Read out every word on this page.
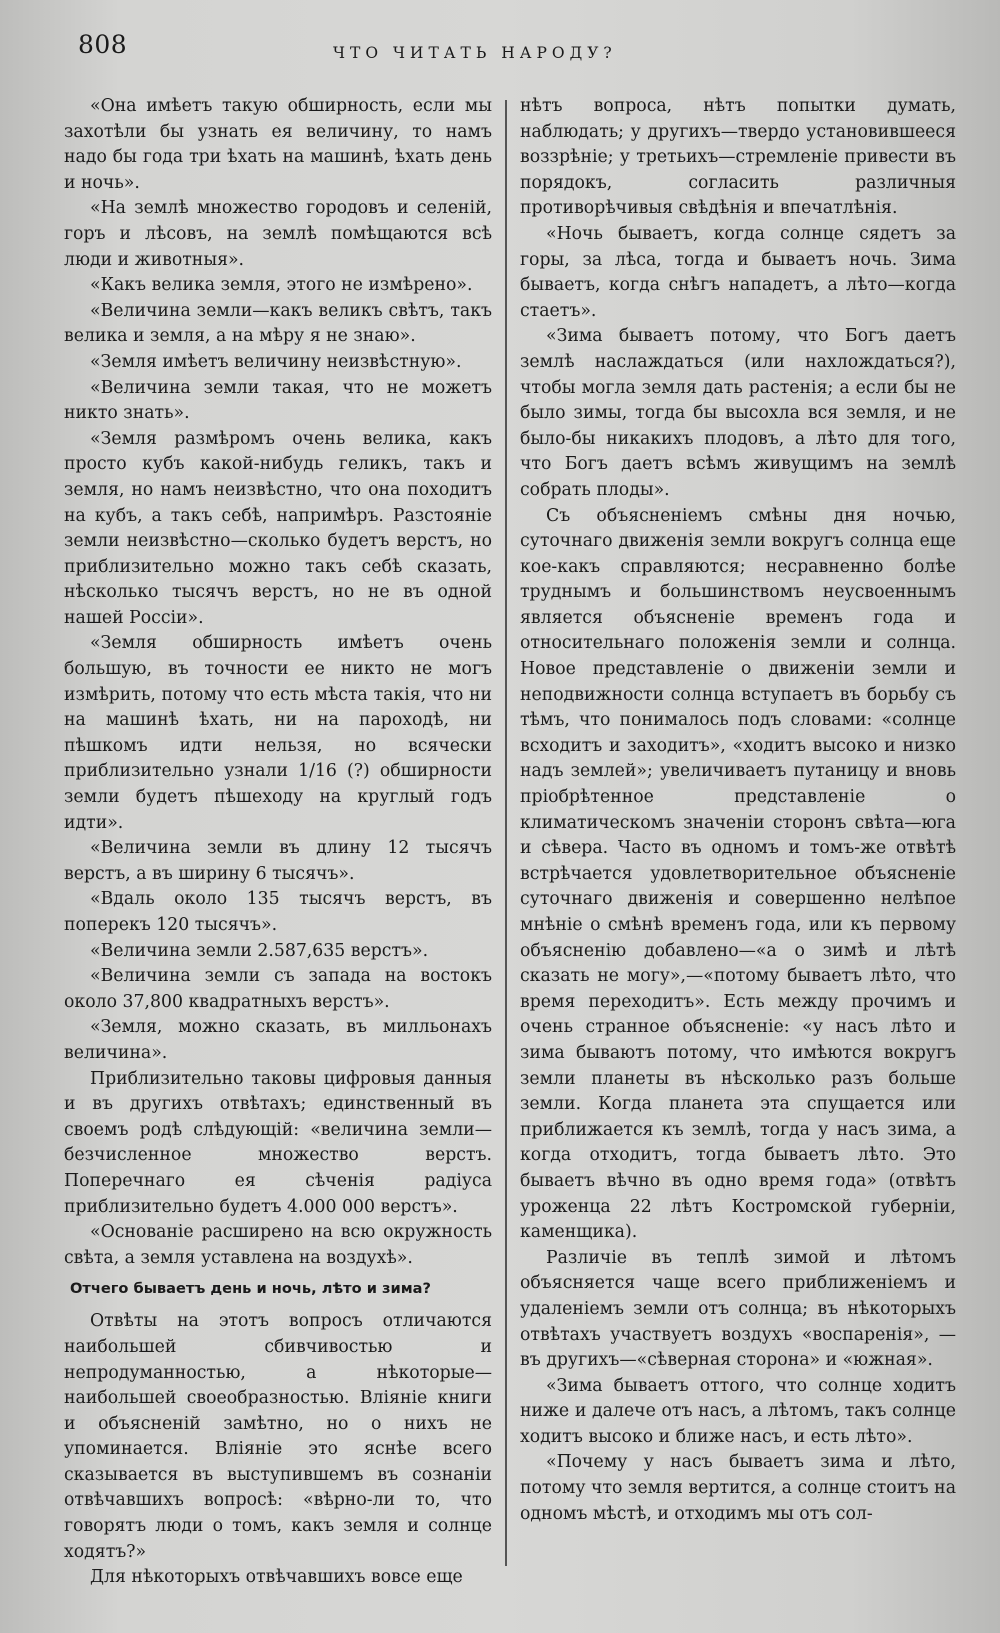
808	ЧТО ЧИТАТЬ НАРОДУ?

«Она имѣетъ такую обширность, если мы захотѣли бы узнать ея величину, то намъ надо бы года три ѣхать на машинѣ, ѣхать день и ночь».

«На землѣ множество городовъ и селеній, горъ и лѣсовъ, на землѣ помѣщаются всѣ люди и животныя».

«Какъ велика земля, этого не измѣрено».

«Величина земли—какъ великъ свѣтъ, такъ велика и земля, а на мѣру я не знаю».

«Земля имѣетъ величину неизвѣстную».

«Величина земли такая, что не можетъ никто знать».

«Земля размѣромъ очень велика, какъ просто кубъ какой-нибудь геликъ, такъ и земля, но намъ неизвѣстно, что она походитъ на кубъ, а такъ себѣ, напримѣръ. Разстояніе земли неизвѣстно—сколько будетъ верстъ, но приблизительно можно такъ себѣ сказать, нѣсколько тысячъ верстъ, но не въ одной нашей Россіи».

«Земля обширность имѣетъ очень большую, въ точности ее никто не могъ измѣрить, потому что есть мѣста такія, что ни на машинѣ ѣхать, ни на пароходѣ, ни пѣшкомъ идти нельзя, но всячески приблизительно узнали 1/16 (?) обширности земли будетъ пѣшеходу на круглый годъ идти».

«Величина земли въ длину 12 тысячъ верстъ, а въ ширину 6 тысячъ».

«Вдаль около 135 тысячъ верстъ, въ поперекъ 120 тысячъ».

«Величина земли 2.587,635 верстъ».

«Величина земли съ запада на востокъ около 37,800 квадратныхъ верстъ».

«Земля, можно сказать, въ милльонахъ величина».

Приблизительно таковы цифровыя данныя и въ другихъ отвѣтахъ; единственный въ своемъ родѣ слѣдующій: «величина земли—безчисленное множество верстъ. Поперечнаго ея сѣченія радіуса приблизительно будетъ 4.000 000 верстъ».

«Основаніе расширено на всю окружность свѣта, а земля уставлена на воздухѣ».

Отчего бываетъ день и ночь, лѣто и зима?

Отвѣты на этотъ вопросъ отличаются наибольшей сбивчивостью и непродуманностью, а нѣкоторые—наибольшей своеобразностью. Вліяніе книги и объясненій замѣтно, но о нихъ не упоминается. Вліяніе это яснѣе всего сказывается въ выступившемъ въ сознаніи отвѣчавшихъ вопросѣ: «вѣрно-ли то, что говорятъ люди о томъ, какъ земля и солнце ходятъ?»

Для нѣкоторыхъ отвѣчавшихъ вовсе еще

нѣтъ вопроса, нѣтъ попытки думать, наблюдать; у другихъ—твердо установившееся воззрѣніе; у третьихъ—стремленіе привести въ порядокъ, согласить различныя противорѣчивыя свѣдѣнія и впечатлѣнія.

«Ночь бываетъ, когда солнце сядетъ за горы, за лѣса, тогда и бываетъ ночь. Зима бываетъ, когда снѣгъ нападетъ, а лѣто—когда стаетъ».

«Зима бываетъ потому, что Богъ даетъ землѣ наслаждаться (или нахлождаться?), чтобы могла земля дать растенія; а если бы не было зимы, тогда бы высохла вся земля, и не было-бы никакихъ плодовъ, а лѣто для того, что Богъ даетъ всѣмъ живущимъ на землѣ собрать плоды».

Съ объясненіемъ смѣны дня ночью, суточнаго движенія земли вокругъ солнца еще кое-какъ справляются; несравненно болѣе труднымъ и большинствомъ неусвоеннымъ является объясненіе временъ года и относительнаго положенія земли и солнца. Новое представленіе о движеніи земли и неподвижности солнца вступаетъ въ борьбу съ тѣмъ, что понималось подъ словами: «солнце всходитъ и заходитъ», «ходитъ высоко и низко надъ землей»; увеличиваетъ путаницу и вновь пріобрѣтенное представленіе о климатическомъ значеніи сторонъ свѣта—юга и сѣвера. Часто въ одномъ и томъ-же отвѣтѣ встрѣчается удовлетворительное объясненіе суточнаго движенія и совершенно нелѣпое мнѣніе о смѣнѣ временъ года, или къ первому объясненію добавлено—«а о зимѣ и лѣтѣ сказать не могу»,—«потому бываетъ лѣто, что время переходитъ». Есть между прочимъ и очень странное объясненіе: «у насъ лѣто и зима бываютъ потому, что имѣются вокругъ земли планеты въ нѣсколько разъ больше земли. Когда планета эта спущается или приближается къ землѣ, тогда у насъ зима, а когда отходитъ, тогда бываетъ лѣто. Это бываетъ вѣчно въ одно время года» (отвѣтъ уроженца 22 лѣтъ Костромской губерніи, каменщика).

Различіе въ теплѣ зимой и лѣтомъ объясняется чаще всего приближеніемъ и удаленіемъ земли отъ солнца; въ нѣкоторыхъ отвѣтахъ участвуетъ воздухъ «воспаренія», —въ другихъ—«сѣверная сторона» и «южная».

«Зима бываетъ оттого, что солнце ходитъ ниже и далече отъ насъ, а лѣтомъ, такъ солнце ходитъ высоко и ближе насъ, и есть лѣто».

«Почему у насъ бываетъ зима и лѣто, потому что земля вертится, а солнце стоитъ на одномъ мѣстѣ, и отходимъ мы отъ сол-
